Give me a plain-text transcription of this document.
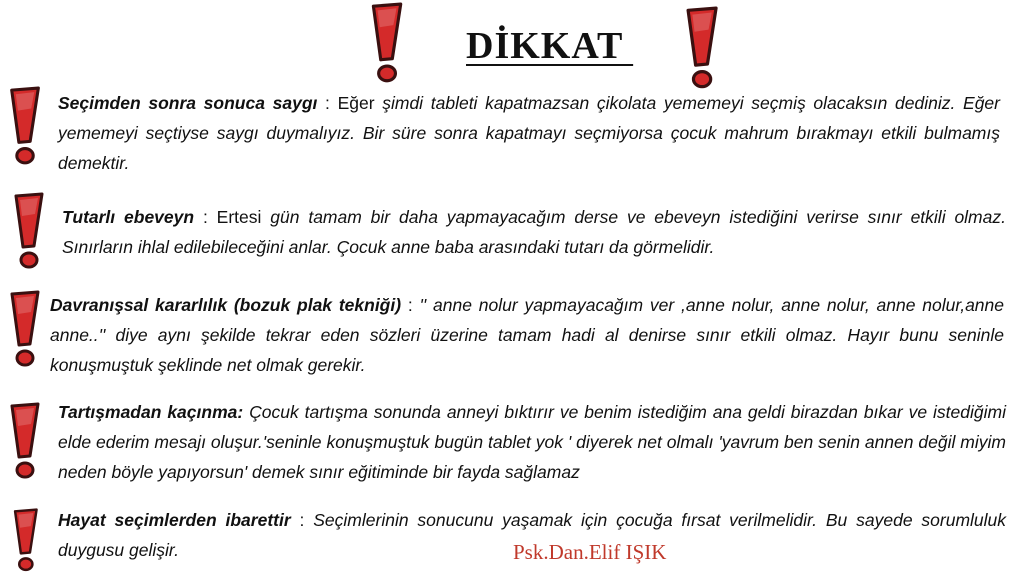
DİKKAT

Seçimden sonra sonuca saygı : Eğer şimdi tableti kapatmazsan çikolata yememeyi seçmiş olacaksın dediniz. Eğer yememeyi seçtiyse saygı duymalıyız. Bir süre sonra kapatmayı seçmiyorsa çocuk mahrum bırakmayı etkili bulmamış demektir.

Tutarlı ebeveyn : Ertesi gün tamam bir daha yapmayacağım derse ve ebeveyn istediğini verirse sınır etkili olmaz. Sınırların ihlal edilebileceğini anlar. Çocuk anne baba arasındaki tutarı da görmelidir.

Davranışsal kararlılık (bozuk plak tekniği) : '' anne nolur yapmayacağım ver ,anne nolur, anne nolur, anne nolur,anne anne..'' diye aynı şekilde tekrar eden sözleri üzerine tamam hadi al denirse sınır etkili olmaz. Hayır bunu seninle konuşmuştuk şeklinde net olmak gerekir.

Tartışmadan kaçınma: Çocuk tartışma sonunda anneyi bıktırır ve benim istediğim ana geldi birazdan bıkar ve istediğimi elde ederim mesajı oluşur.'seninle konuşmuştuk bugün tablet yok ' diyerek net olmalı 'yavrum ben senin annen değil miyim neden böyle yapıyorsun' demek sınır eğitiminde bir fayda sağlamaz

Hayat seçimlerden ibarettir : Seçimlerinin sonucunu yaşamak için çocuğa fırsat verilmelidir. Bu sayede sorumluluk duygusu gelişir.	Psk.Dan.Elif IŞIK
